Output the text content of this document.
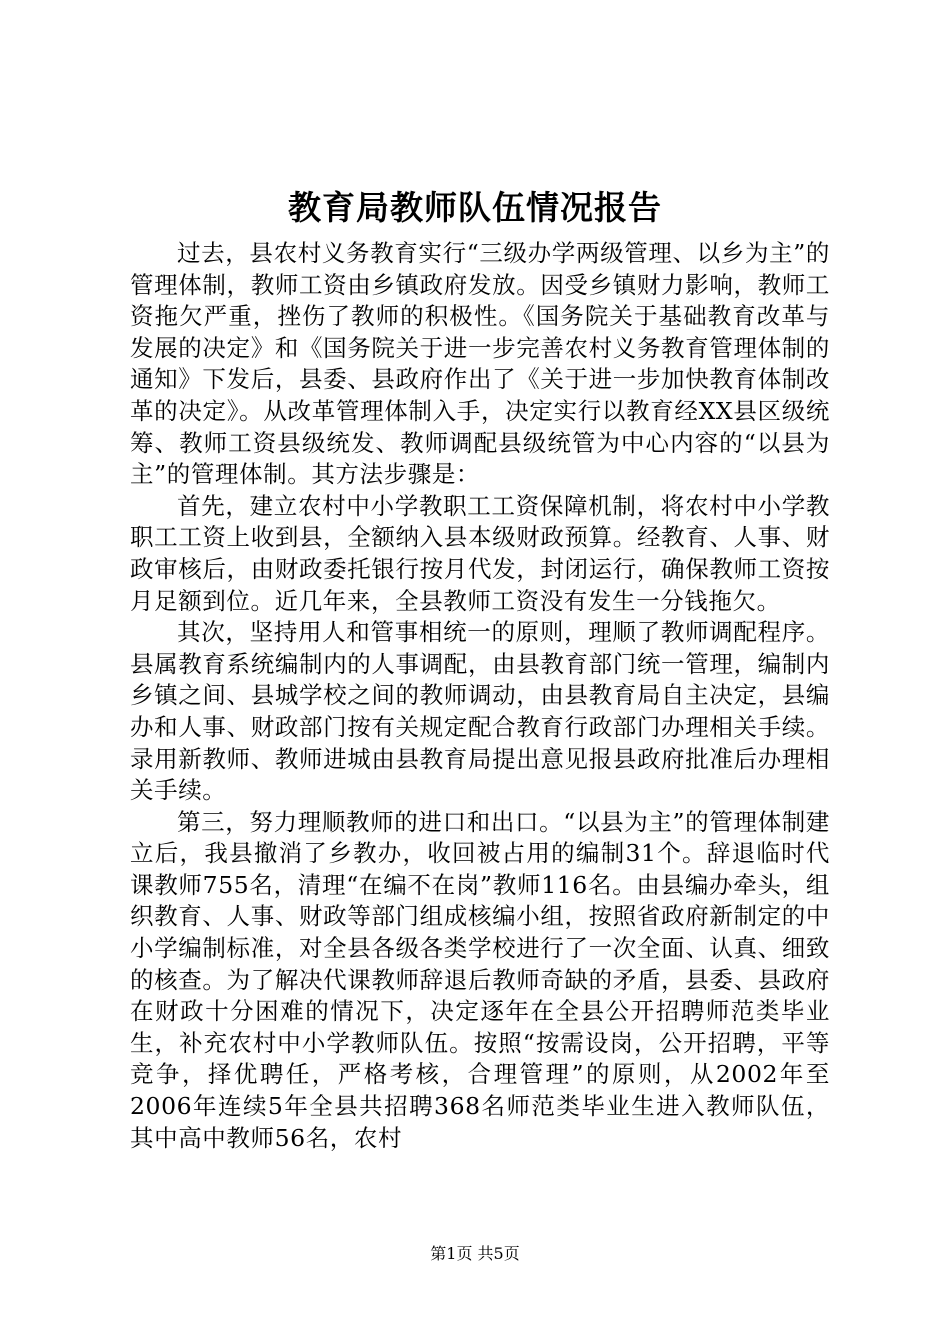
教育局教师队伍情况报告

过去，县农村义务教育实行“三级办学两级管理、以乡为主”的管理体制，教师工资由乡镇政府发放。因受乡镇财力影响，教师工资拖欠严重，挫伤了教师的积极性。《国务院关于基础教育改革与发展的决定》和《国务院关于进一步完善农村义务教育管理体制的通知》下发后，县委、县政府作出了《关于进一步加快教育体制改革的决定》。从改革管理体制入手，决定实行以教育经XX县区级统筹、教师工资县级统发、教师调配县级统管为中心内容的“以县为主”的管理体制。其方法步骤是：

首先，建立农村中小学教职工工资保障机制，将农村中小学教职工工资上收到县，全额纳入县本级财政预算。经教育、人事、财政审核后，由财政委托银行按月代发，封闭运行，确保教师工资按月足额到位。近几年来，全县教师工资没有发生一分钱拖欠。

其次，坚持用人和管事相统一的原则，理顺了教师调配程序。县属教育系统编制内的人事调配，由县教育部门统一管理，编制内乡镇之间、县城学校之间的教师调动，由县教育局自主决定，县编办和人事、财政部门按有关规定配合教育行政部门办理相关手续。录用新教师、教师进城由县教育局提出意见报县政府批准后办理相关手续。

第三，努力理顺教师的进口和出口。“以县为主”的管理体制建立后，我县撤消了乡教办，收回被占用的编制31个。辞退临时代课教师755名，清理“在编不在岗”教师116名。由县编办牵头，组织教育、人事、财政等部门组成核编小组，按照省政府新制定的中小学编制标准，对全县各级各类学校进行了一次全面、认真、细致的核查。为了解决代课教师辞退后教师奇缺的矛盾，县委、县政府在财政十分困难的情况下，决定逐年在全县公开招聘师范类毕业生，补充农村中小学教师队伍。按照“按需设岗，公开招聘，平等竞争，择优聘任，严格考核，合理管理”的原则，从2002年至2006年连续5年全县共招聘368名师范类毕业生进入教师队伍，其中高中教师56名，农村

第1页 共5页
